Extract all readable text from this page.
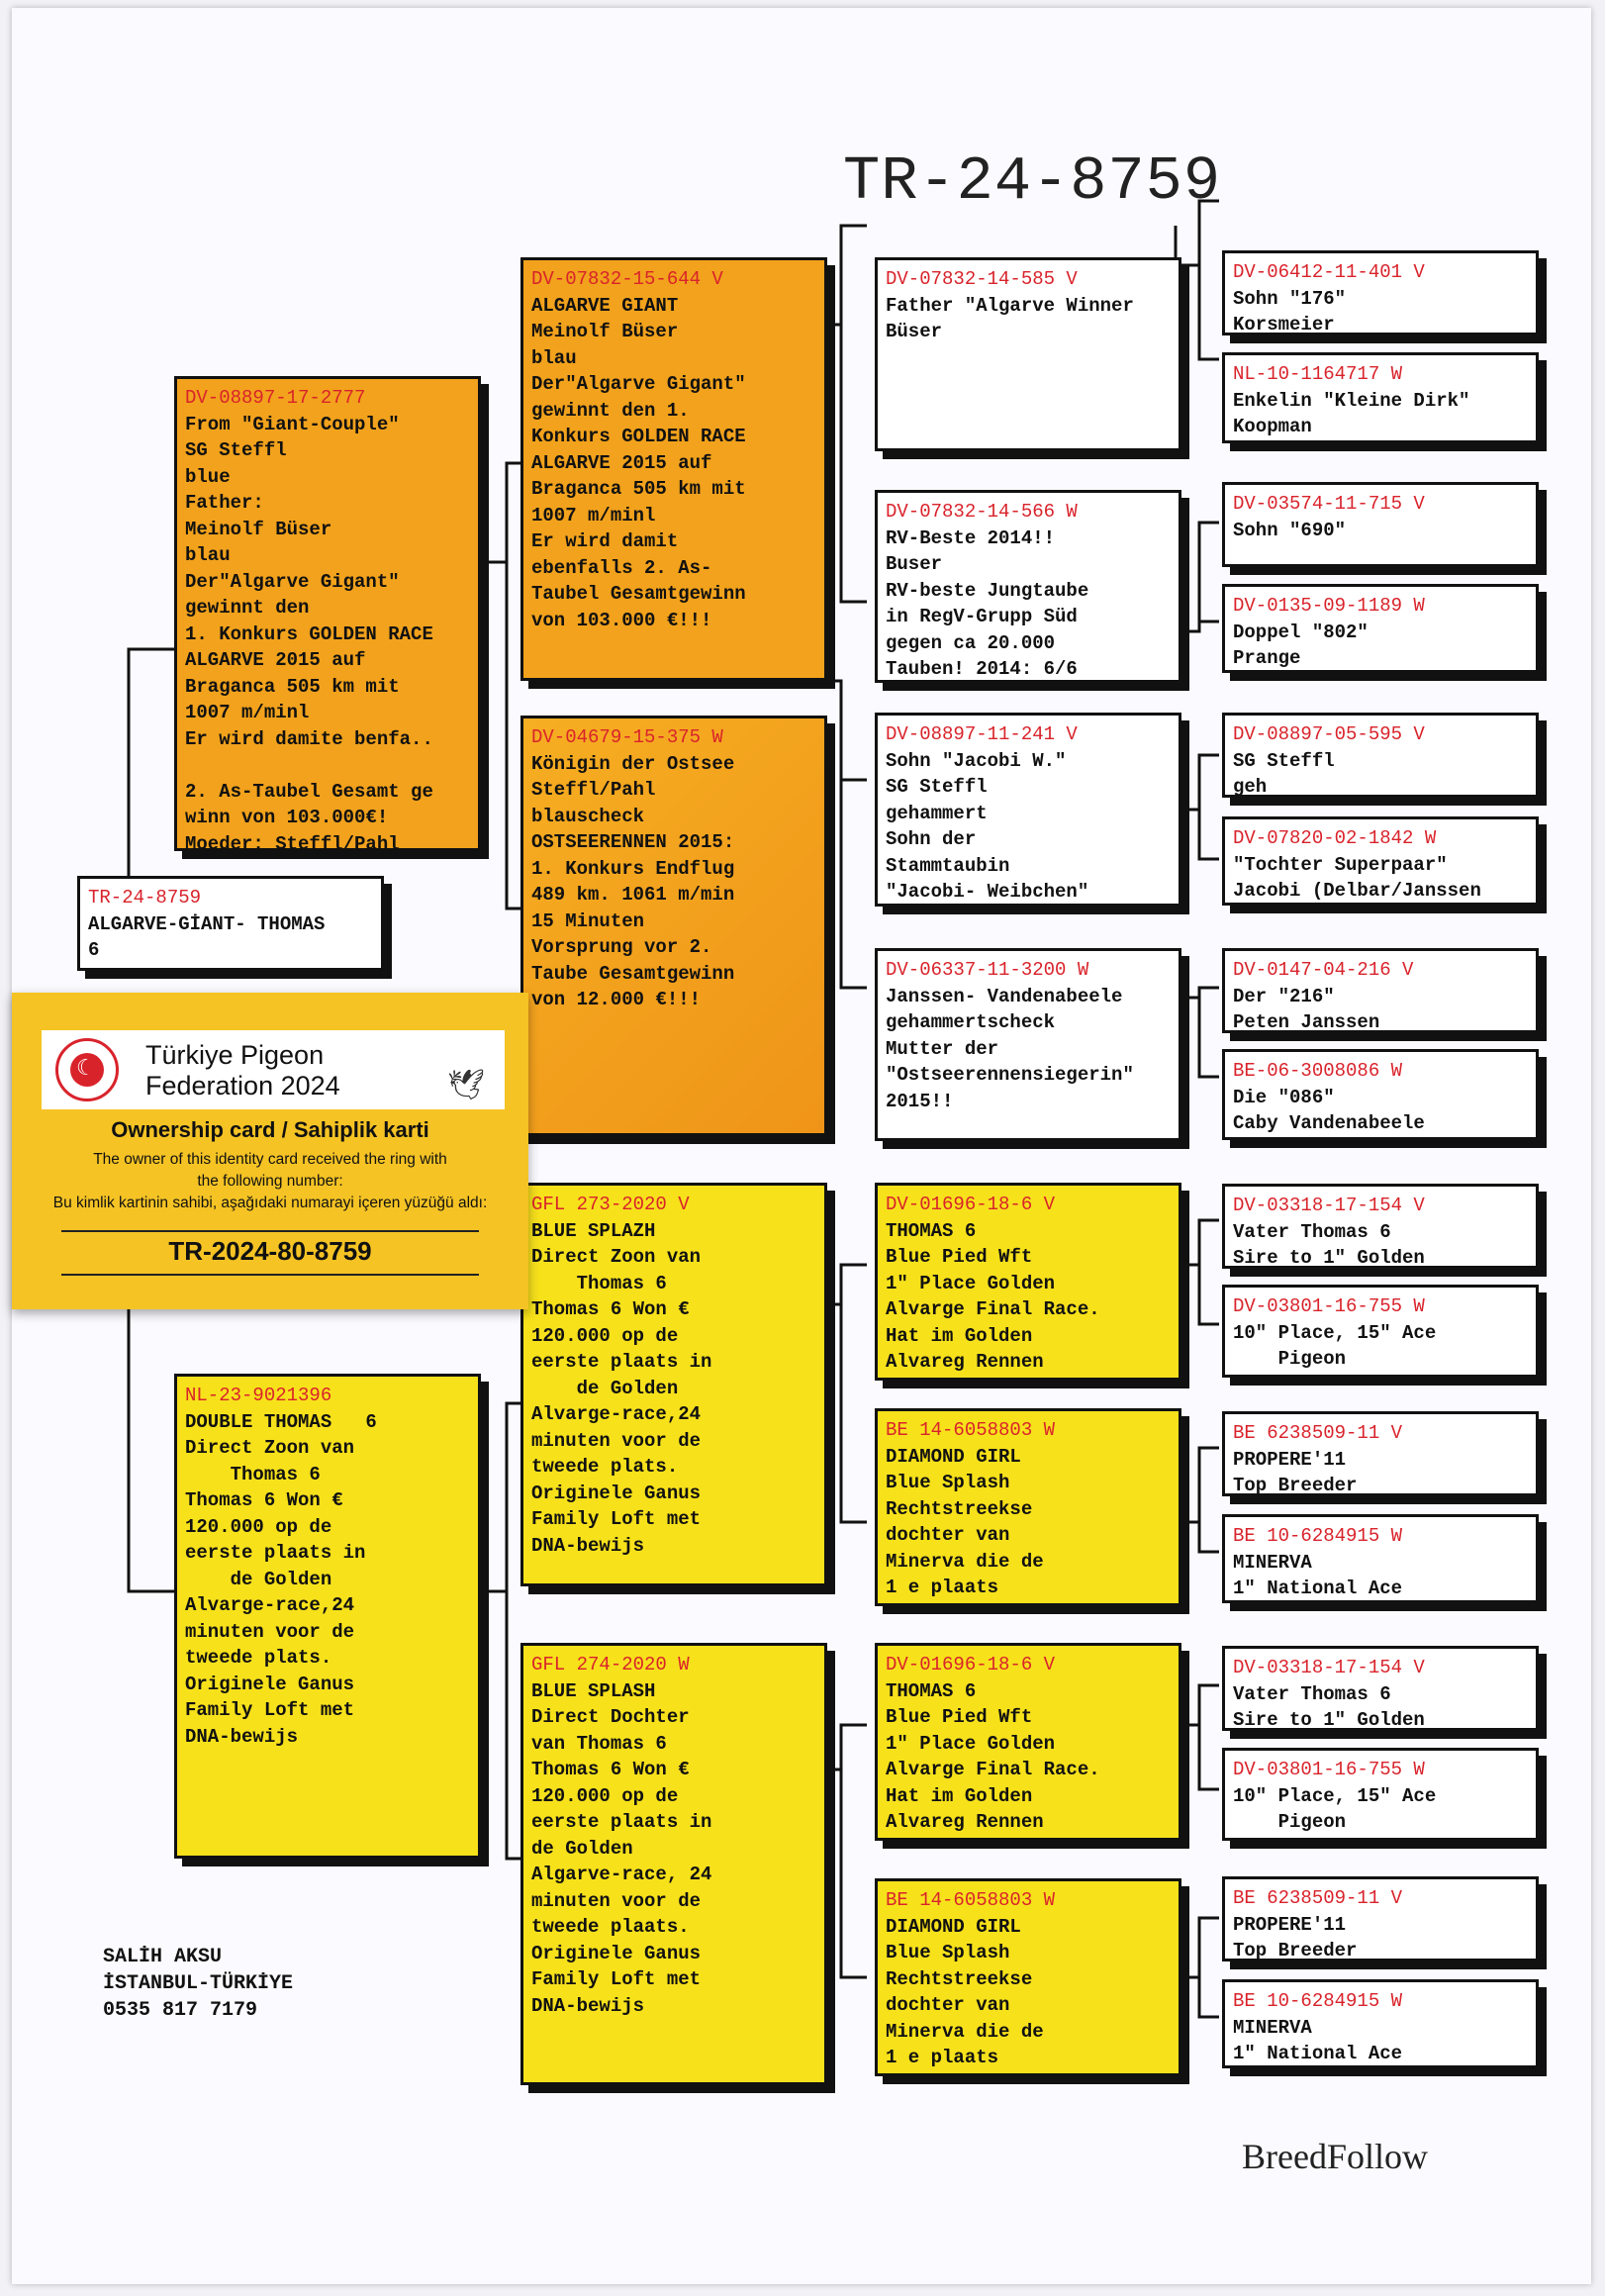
TR-24-8759
TR-24-8759
ALGARVE-GİANT- THOMAS
6
DV-08897-17-2777
From "Giant-Couple"
SG Steffl
blue
Father:
Meinolf Büser
blau
Der"Algarve Gigant"
gewinnt den
1. Konkurs GOLDEN RACE
ALGARVE 2015 auf
Braganca 505 km mit
1007 m/minl
Er wird damite benfa..

2. As-Taubel Gesamt ge
winn von 103.000€!
Moeder: Steffl/Pahl
NL-23-9021396
DOUBLE THOMAS   6
Direct Zoon van
Thomas 6
Thomas 6 Won €
120.000 op de
eerste plaats in
de Golden
Alvarge-race,24
minuten voor de
tweede plats.
Originele Ganus
Family Loft met
DNA-bewijs
DV-07832-15-644 V
ALGARVE GIANT
Meinolf Büser
blau
Der"Algarve Gigant"
gewinnt den 1.
Konkurs GOLDEN RACE
ALGARVE 2015 auf
Braganca 505 km mit
1007 m/minl
Er wird damit
ebenfalls 2. As-
Taubel Gesamtgewinn
von 103.000 €!!!
DV-04679-15-375 W
Königin der Ostsee
Steffl/Pahl
blauscheck
OSTSEERENNEN 2015:
1. Konkurs Endflug
489 km. 1061 m/min
15 Minuten
Vorsprung vor 2.
Taube Gesamtgewinn
von 12.000 €!!!
GFL 273-2020 V
BLUE SPLAZH
Direct Zoon van
Thomas 6
Thomas 6 Won €
120.000 op de
eerste plaats in
de Golden
Alvarge-race,24
minuten voor de
tweede plats.
Originele Ganus
Family Loft met
DNA-bewijs
GFL 274-2020 W
BLUE SPLASH
Direct Dochter
van Thomas 6
Thomas 6 Won €
120.000 op de
eerste plaats in
de Golden
Algarve-race, 24
minuten voor de
tweede plaats.
Originele Ganus
Family Loft met
DNA-bewijs
DV-07832-14-585 V
Father "Algarve Winner
Büser
DV-07832-14-566 W
RV-Beste 2014!!
Buser
RV-beste Jungtaube
in RegV-Grupp Süd
gegen ca 20.000
Tauben! 2014: 6/6
DV-08897-11-241 V
Sohn "Jacobi W."
SG Steffl
gehammert
Sohn der
Stammtaubin
"Jacobi- Weibchen"
DV-06337-11-3200 W
Janssen- Vandenabeele
gehammertscheck
Mutter der
"Ostseerennensiegerin"
2015!!
DV-01696-18-6 V
THOMAS 6
Blue Pied Wft
1" Place Golden
Alvarge Final Race.
Hat im Golden
Alvareg Rennen
BE 14-6058803 W
DIAMOND GIRL
Blue Splash
Rechtstreekse
dochter van
Minerva die de
1 e plaats
DV-01696-18-6 V
THOMAS 6
Blue Pied Wft
1" Place Golden
Alvarge Final Race.
Hat im Golden
Alvareg Rennen
BE 14-6058803 W
DIAMOND GIRL
Blue Splash
Rechtstreekse
dochter van
Minerva die de
1 e plaats
DV-06412-11-401 V
Sohn "176"
Korsmeier
NL-10-1164717 W
Enkelin "Kleine Dirk"
Koopman
DV-03574-11-715 V
Sohn "690"
DV-0135-09-1189 W
Doppel "802"
Prange
DV-08897-05-595 V
SG Steffl
geh
DV-07820-02-1842 W
"Tochter Superpaar"
Jacobi (Delbar/Janssen
DV-0147-04-216 V
Der "216"
Peten Janssen
BE-06-3008086 W
Die "086"
Caby Vandenabeele
DV-03318-17-154 V
Vater Thomas 6
Sire to 1" Golden
DV-03801-16-755 W
10" Place, 15" Ace
Pigeon
BE 6238509-11 V
PROPERE'11
Top Breeder
BE 10-6284915 W
MINERVA
1" National Ace
DV-03318-17-154 V
Vater Thomas 6
Sire to 1" Golden
DV-03801-16-755 W
10" Place, 15" Ace
Pigeon
BE 6238509-11 V
PROPERE'11
Top Breeder
BE 10-6284915 W
MINERVA
1" National Ace
SALİH AKSU
İSTANBUL-TÜRKİYE
0535 817 7179
BreedFollow
☾ Türkiye Pigeon
Federation 2024	🕊
Ownership card / Sahiplik karti
The owner of this identity card received the ring with
the following number:
Bu kimlik kartinin sahibi, aşağıdaki numarayi içeren yüzüğü aldı:
TR-2024-80-8759
